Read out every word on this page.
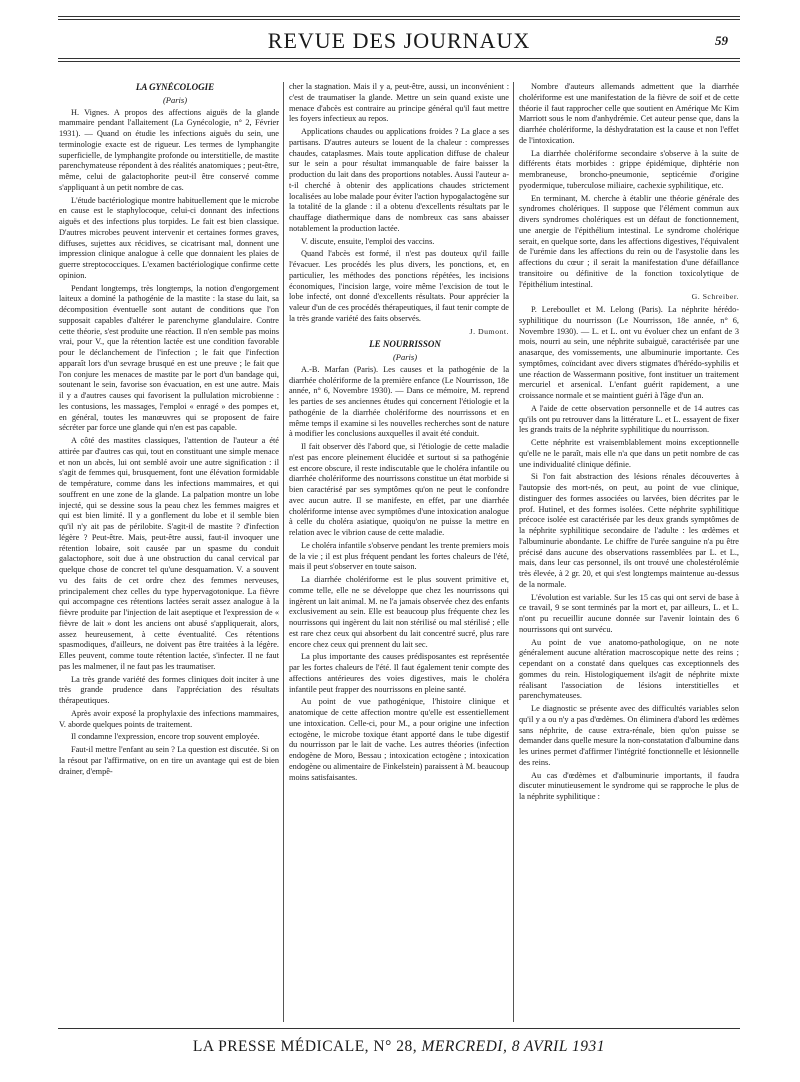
REVUE DES JOURNAUX	59

LA GYNÉCOLOGIE

(Paris)

H. Vignes. A propos des affections aiguës de la glande mammaire pendant l'allaitement (La Gynécologie, n° 2, Février 1931). — Quand on étudie les infections aiguës du sein, une terminologie exacte est de rigueur. Les termes de lymphangite superficielle, de lymphangite profonde ou interstitielle, de mastite parenchymateuse répondent à des réalités anatomiques ; peut-être, même, celui de galactophorite peut-il être conservé comme s'appliquant à un petit nombre de cas.

L'étude bactériologique montre habituellement que le microbe en cause est le staphylocoque, celui-ci donnant des infections aiguës et des infections plus torpides. Le fait est bien classique. D'autres microbes peuvent intervenir et certaines formes graves, diffuses, sujettes aux récidives, se cicatrisant mal, donnent une impression clinique analogue à celle que donnaient les plaies de guerre streptococciques. L'examen bactériologique confirme cette opinion.

Pendant longtemps, très longtemps, la notion d'engorgement laiteux a dominé la pathogénie de la mastite : la stase du lait, sa décomposition éventuelle sont autant de conditions que l'on supposait capables d'altérer le parenchyme glandulaire. Contre cette théorie, s'est produite une réaction. Il n'en semble pas moins vrai, pour V., que la rétention lactée est une condition favorable pour le déclanchement de l'infection ; le fait que l'infection apparaît lors d'un sevrage brusqué en est une preuve ; le fait que l'on conjure les menaces de mastite par le port d'un bandage qui, soutenant le sein, favorise son évacuation, en est une autre. Mais il y a d'autres causes qui favorisent la pullulation microbienne : les contusions, les massages, l'emploi « enragé » des pompes et, en général, toutes les manœuvres qui se proposent de faire sécréter par force une glande qui n'en est pas capable.

A côté des mastites classiques, l'attention de l'auteur a été attirée par d'autres cas qui, tout en constituant une simple menace et non un abcès, lui ont semblé avoir une autre signification : il s'agit de femmes qui, brusquement, font une élévation formidable de température, comme dans les infections mammaires, et qui souffrent en une zone de la glande. La palpation montre un lobe injecté, qui se dessine sous la peau chez les femmes maigres et qui est bien limité. Il y a gonflement du lobe et il semble bien qu'il n'y ait pas de périlobite. S'agit-il de mastite ? d'infection légère ? Peut-être. Mais, peut-être aussi, faut-il invoquer une rétention lobaire, soit causée par un spasme du conduit galactophore, soit due à une obstruction du canal cervical par quelque chose de concret tel qu'une desquamation. V. a souvent vu des faits de cet ordre chez des femmes nerveuses, principalement chez celles du type hypervagotonique. La fièvre qui accompagne ces rétentions lactées serait assez analogue à la fièvre produite par l'injection de lait aseptique et l'expression de « fièvre de lait » dont les anciens ont abusé s'appliquerait, alors, assez heureusement, à cette éventualité. Ces rétentions spasmodiques, d'ailleurs, ne doivent pas être traitées à la légère. Elles peuvent, comme toute rétention lactée, s'infecter. Il ne faut pas les malmener, il ne faut pas les traumatiser.

La très grande variété des formes cliniques doit inciter à une très grande prudence dans l'appréciation des résultats thérapeutiques.

Après avoir exposé la prophylaxie des infections mammaires, V. aborde quelques points de traitement.

Il condamne l'expression, encore trop souvent employée.

Faut-il mettre l'enfant au sein ? La question est discutée. Si on la résout par l'affirmative, on en tire un avantage qui est de bien drainer, d'empê-

cher la stagnation. Mais il y a, peut-être, aussi, un inconvénient : c'est de traumatiser la glande. Mettre un sein quand existe une menace d'abcès est contraire au principe général qu'il faut mettre les foyers infectieux au repos.

Applications chaudes ou applications froides ? La glace a ses partisans. D'autres auteurs se louent de la chaleur : compresses chaudes, cataplasmes. Mais toute application diffuse de chaleur sur le sein a pour résultat immanquable de faire baisser la production du lait dans des proportions notables. Aussi l'auteur a-t-il cherché à obtenir des applications chaudes strictement localisées au lobe malade pour éviter l'action hypogalactogène sur la totalité de la glande : il a obtenu d'excellents résultats par le chauffage diathermique dans de nombreux cas sans abaisser notablement la production lactée.

V. discute, ensuite, l'emploi des vaccins.

Quand l'abcès est formé, il n'est pas douteux qu'il faille l'évacuer. Les procédés les plus divers, les ponctions, et, en particulier, les méthodes des ponctions répétées, les incisions économiques, l'incision large, voire même l'excision de tout le lobe infecté, ont donné d'excellents résultats. Pour apprécier la valeur d'un de ces procédés thérapeutiques, il faut tenir compte de la très grande variété des faits observés.

J. Dumont.

LE NOURRISSON

(Paris)

A.-B. Marfan (Paris). Les causes et la pathogénie de la diarrhée cholériforme de la première enfance (Le Nourrisson, 18e année, n° 6, Novembre 1930). — Dans ce mémoire, M. reprend les parties de ses anciennes études qui concernent l'étiologie et la pathogénie de la diarrhée cholériforme des nourrissons et en même temps il examine si les nouvelles recherches sont de nature à modifier les conclusions auxquelles il avait été conduit.

Il fait observer dès l'abord que, si l'étiologie de cette maladie n'est pas encore pleinement élucidée et surtout si sa pathogénie est encore obscure, il reste indiscutable que le choléra infantile ou diarrhée cholériforme des nourrissons constitue un état morbide si bien caractérisé par ses symptômes qu'on ne peut le confondre avec aucun autre. Il se manifeste, en effet, par une diarrhée cholériforme intense avec symptômes d'une intoxication analogue à celle du choléra asiatique, quoiqu'on ne puisse la mettre en relation avec le vibrion cause de cette maladie.

Le choléra infantile s'observe pendant les trente premiers mois de la vie ; il est plus fréquent pendant les fortes chaleurs de l'été, mais il peut s'observer en toute saison.

La diarrhée cholériforme est le plus souvent primitive et, comme telle, elle ne se développe que chez les nourrissons qui ingèrent un lait animal. M. ne l'a jamais observée chez des enfants exclusivement au sein. Elle est beaucoup plus fréquente chez les nourrissons qui ingèrent du lait non stérilisé ou mal stérilisé ; elle est rare chez ceux qui absorbent du lait concentré sucré, plus rare encore chez ceux qui prennent du lait sec.

La plus importante des causes prédisposantes est représentée par les fortes chaleurs de l'été. Il faut également tenir compte des affections antérieures des voies digestives, mais le choléra infantile peut frapper des nourrissons en pleine santé.

Au point de vue pathogénique, l'histoire clinique et anatomique de cette affection montre qu'elle est essentiellement une intoxication. Celle-ci, pour M., a pour origine une infection ectogène, le microbe toxique étant apporté dans le tube digestif du nourrisson par le lait de vache. Les autres théories (infection endogène de Moro, Bessau ; intoxication ectogène ; intoxication endogène ou alimentaire de Finkelstein) paraissent à M. beaucoup moins satisfaisantes.

Nombre d'auteurs allemands admettent que la diarrhée cholériforme est une manifestation de la fièvre de soif et de cette théorie il faut rapprocher celle que soutient en Amérique Mc Kim Marriott sous le nom d'anhydrémie. Cet auteur pense que, dans la diarrhée cholériforme, la déshydratation est la cause et non l'effet de l'intoxication.

La diarrhée cholériforme secondaire s'observe à la suite de différents états morbides : grippe épidémique, diphtérie non membraneuse, broncho-pneumonie, septicémie d'origine pyodermique, tuberculose miliaire, cachexie syphilitique, etc.

En terminant, M. cherche à établir une théorie générale des syndromes cholériques. Il suppose que l'élément commun aux divers syndromes cholériques est un défaut de fonctionnement, une anergie de l'épithélium intestinal. Le syndrome cholérique serait, en quelque sorte, dans les affections digestives, l'équivalent de l'urémie dans les affections du rein ou de l'asystolie dans les affections du cœur ; il serait la manifestation d'une défaillance transitoire ou définitive de la fonction toxicolytique de l'épithélium intestinal.

G. Schreiber.

P. Lereboullet et M. Lelong (Paris). La néphrite hérédo-syphilitique du nourrisson (Le Nourrisson, 18e année, n° 6, Novembre 1930). — L. et L. ont vu évoluer chez un enfant de 3 mois, nourri au sein, une néphrite subaiguë, caractérisée par une anasarque, des vomissements, une albuminurie importante. Ces symptômes, coïncidant avec divers stigmates d'hérédo-syphilis et une réaction de Wassermann positive, font instituer un traitement mercuriel et arsenical. L'enfant guérit rapidement, a une croissance normale et se maintient guéri à l'âge d'un an.

A l'aide de cette observation personnelle et de 14 autres cas qu'ils ont pu retrouver dans la littérature L. et L. essayent de fixer les grands traits de la néphrite syphilitique du nourrisson.

Cette néphrite est vraisemblablement moins exceptionnelle qu'elle ne le paraît, mais elle n'a que dans un petit nombre de cas une individualité clinique définie.

Si l'on fait abstraction des lésions rénales découvertes à l'autopsie des mort-nés, on peut, au point de vue clinique, distinguer des formes associées ou larvées, bien décrites par le prof. Hutinel, et des formes isolées. Cette néphrite syphilitique précoce isolée est caractérisée par les deux grands symptômes de la néphrite syphilitique secondaire de l'adulte : les œdèmes et l'albuminurie abondante. Le chiffre de l'urée sanguine n'a pu être précisé dans aucune des observations rassemblées par L. et L., mais, dans leur cas personnel, ils ont trouvé une cholestérolémie très élevée, à 2 gr. 20, et qui s'est longtemps maintenue au-dessus de la normale.

L'évolution est variable. Sur les 15 cas qui ont servi de base à ce travail, 9 se sont terminés par la mort et, par ailleurs, L. et L. n'ont pu recueillir aucune donnée sur l'avenir lointain des 6 nourrissons qui ont survécu.

Au point de vue anatomo-pathologique, on ne note généralement aucune altération macroscopique nette des reins ; cependant on a constaté dans quelques cas exceptionnels des gommes du rein. Histologiquement ils'agit de néphrite mixte réalisant l'association de lésions interstitielles et parenchymateuses.

Le diagnostic se présente avec des difficultés variables selon qu'il y a ou n'y a pas d'œdèmes. On éliminera d'abord les œdèmes sans néphrite, de cause extra-rénale, bien qu'on puisse se demander dans quelle mesure la non-constatation d'albumine dans les urines permet d'affirmer l'intégrité fonctionnelle et lésionnelle des reins.

Au cas d'œdèmes et d'albuminurie importants, il faudra discuter minutieusement le syndrome qui se rapproche le plus de la néphrite syphilitique :

LA PRESSE MÉDICALE, N° 28, MERCREDI, 8 AVRIL 1931
